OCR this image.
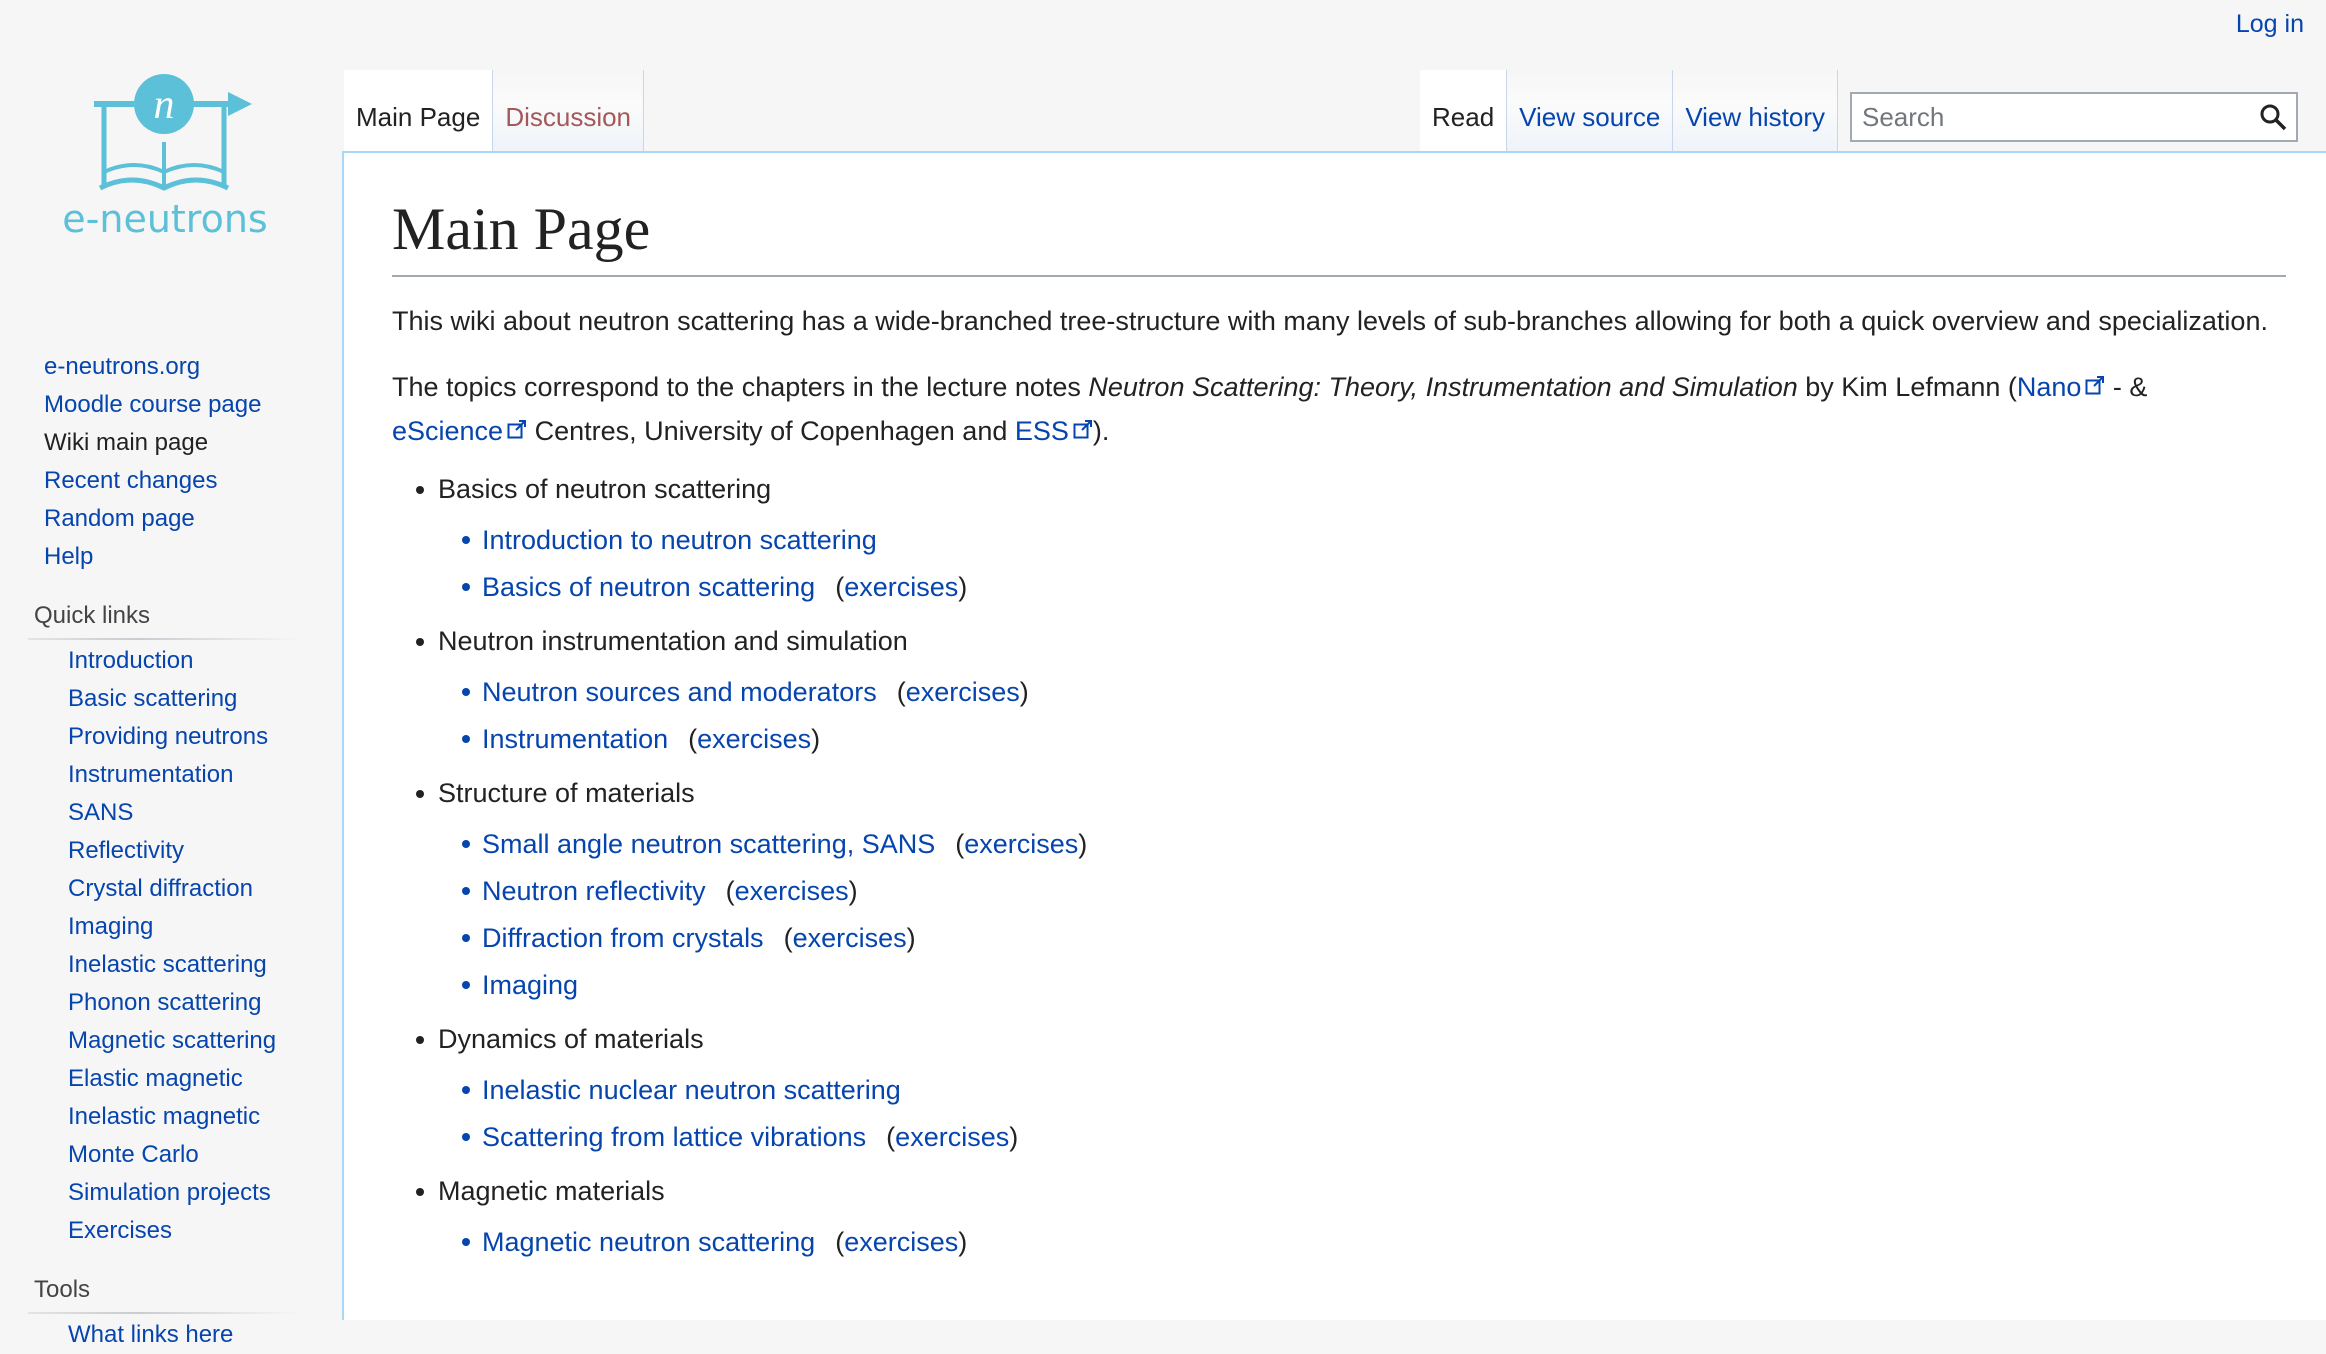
Log in
n
e-neutrons
e-neutrons.org
Moodle course page
Wiki main page
Recent changes
Random page
Help
Quick links
Introduction
Basic scattering
Providing neutrons
Instrumentation
SANS
Reflectivity
Crystal diffraction
Imaging
Inelastic scattering
Phonon scattering
Magnetic scattering
Elastic magnetic
Inelastic magnetic
Monte Carlo
Simulation projects
Exercises
Tools
What links here
Main Page Discussion	Read View source View history
Search
Main Page

This wiki about neutron scattering has a wide-branched tree-structure with many levels of sub-branches allowing for both a quick overview and specialization.

The topics correspond to the chapters in the lecture notes Neutron Scattering: Theory, Instrumentation and Simulation by Kim Lefmann (Nano - &
eScience Centres, University of Copenhagen and ESS ).

Basics of neutron scattering
Introduction to neutron scattering
Basics of neutron scattering (exercises)
Neutron instrumentation and simulation
Neutron sources and moderators (exercises)
Instrumentation (exercises)
Structure of materials
Small angle neutron scattering, SANS (exercises)
Neutron reflectivity (exercises)
Diffraction from crystals (exercises)
Imaging
Dynamics of materials
Inelastic nuclear neutron scattering
Scattering from lattice vibrations (exercises)
Magnetic materials
Magnetic neutron scattering (exercises)
